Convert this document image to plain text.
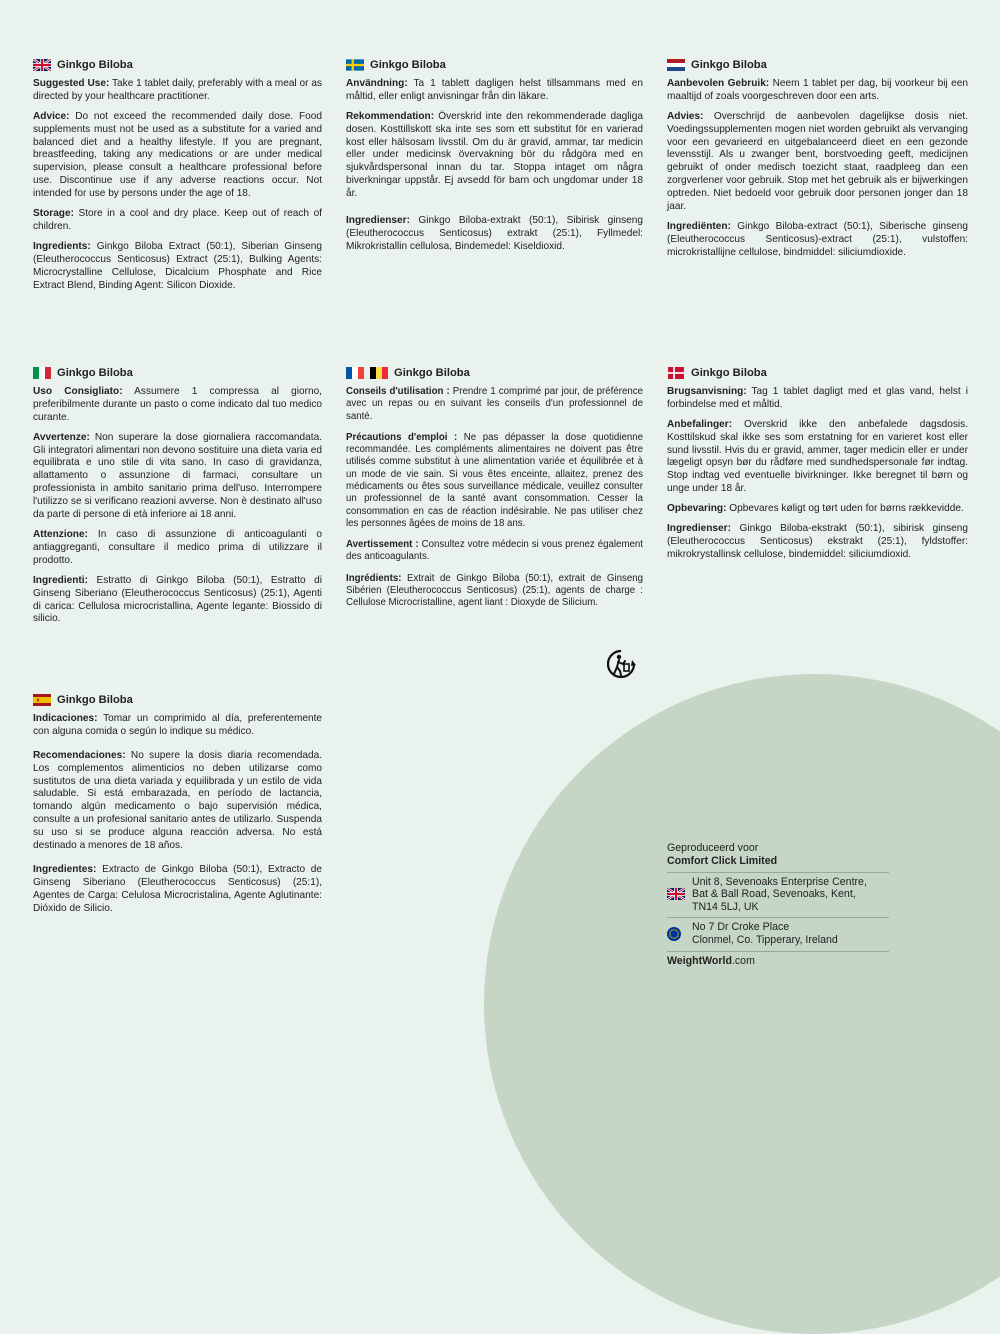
Ginkgo Biloba

Suggested Use: Take 1 tablet daily, preferably with a meal or as directed by your healthcare practitioner.

Advice: Do not exceed the recommended daily dose. Food supplements must not be used as a substitute for a varied and balanced diet and a healthy lifestyle. If you are pregnant, breastfeeding, taking any medications or are under medical supervision, please consult a healthcare professional before use. Discontinue use if any adverse reactions occur. Not intended for use by persons under the age of 18.

Storage: Store in a cool and dry place. Keep out of reach of children.

Ingredients: Ginkgo Biloba Extract (50:1), Siberian Ginseng (Eleutherococcus Senticosus) Extract (25:1), Bulking Agents: Microcrystalline Cellulose, Dicalcium Phosphate and Rice Extract Blend, Binding Agent: Silicon Dioxide.

Ginkgo Biloba

Användning: Ta 1 tablett dagligen helst tillsammans med en måltid, eller enligt anvisningar från din läkare.

Rekommendation: Överskrid inte den rekommenderade dagliga dosen. Kosttillskott ska inte ses som ett substitut för en varierad kost eller hälsosam livsstil. Om du är gravid, ammar, tar medicin eller under medicinsk övervakning bör du rådgöra med en sjukvårdspersonal innan du tar. Stoppa intaget om några biverkningar uppstår. Ej avsedd för barn och ungdomar under 18 år.

Ingredienser: Ginkgo Biloba-extrakt (50:1), Sibirisk ginseng (Eleutherococcus Senticosus) extrakt (25:1), Fyllmedel: Mikrokristallin cellulosa, Bindemedel: Kiseldioxid.

Ginkgo Biloba

Aanbevolen Gebruik: Neem 1 tablet per dag, bij voorkeur bij een maaltijd of zoals voorgeschreven door een arts.

Advies: Overschrijd de aanbevolen dagelijkse dosis niet. Voedingssupplementen mogen niet worden gebruikt als vervanging voor een gevarieerd en uitgebalanceerd dieet en een gezonde levensstijl. Als u zwanger bent, borstvoeding geeft, medicijnen gebruikt of onder medisch toezicht staat, raadpleeg dan een zorgverlener voor gebruik. Stop met het gebruik als er bijwerkingen optreden. Niet bedoeld voor gebruik door personen jonger dan 18 jaar.

Ingrediënten: Ginkgo Biloba-extract (50:1), Siberische ginseng (Eleutherococcus Senticosus)-extract (25:1), vulstoffen: microkristallijne cellulose, bindmiddel: siliciumdioxide.

Ginkgo Biloba

Uso Consigliato: Assumere 1 compressa al giorno, preferibilmente durante un pasto o come indicato dal tuo medico curante.

Avvertenze: Non superare la dose giornaliera raccomandata. Gli integratori alimentari non devono sostituire una dieta varia ed equilibrata e uno stile di vita sano. In caso di gravidanza, allattamento o assunzione di farmaci, consultare un professionista in ambito sanitario prima dell'uso. Interrompere l'utilizzo se si verificano reazioni avverse. Non è destinato all'uso da parte di persone di età inferiore ai 18 anni.

Attenzione: In caso di assunzione di anticoagulanti o antiaggreganti, consultare il medico prima di utilizzare il prodotto.

Ingredienti: Estratto di Ginkgo Biloba (50:1), Estratto di Ginseng Siberiano (Eleutherococcus Senticosus) (25:1), Agenti di carica: Cellulosa microcristallina, Agente legante: Biossido di silicio.

Ginkgo Biloba

Conseils d'utilisation : Prendre 1 comprimé par jour, de préférence avec un repas ou en suivant les conseils d'un professionnel de santé.

Précautions d'emploi : Ne pas dépasser la dose quotidienne recommandée. Les compléments alimentaires ne doivent pas être utilisés comme substitut à une alimentation variée et équilibrée et à un mode de vie sain. Si vous êtes enceinte, allaitez, prenez des médicaments ou êtes sous surveillance médicale, veuillez consulter un professionnel de la santé avant consommation. Cesser la consommation en cas de réaction indésirable. Ne pas utiliser chez les personnes âgées de moins de 18 ans.

Avertissement : Consultez votre médecin si vous prenez également des anticoagulants.

Ingrédients: Extrait de Ginkgo Biloba (50:1), extrait de Ginseng Sibérien (Eleutherococcus Senticosus) (25:1), agents de charge : Cellulose Microcristalline, agent liant : Dioxyde de Silicium.

Ginkgo Biloba

Brugsanvisning: Tag 1 tablet dagligt med et glas vand, helst i forbindelse med et måltid.

Anbefalinger: Overskrid ikke den anbefalede dagsdosis. Kosttilskud skal ikke ses som erstatning for en varieret kost eller sund livsstil. Hvis du er gravid, ammer, tager medicin eller er under lægeligt opsyn bør du rådføre med sundhedspersonale før indtag. Stop indtag ved eventuelle bivirkninger. Ikke beregnet til børn og unge under 18 år.

Opbevaring: Opbevares køligt og tørt uden for børns rækkevidde.

Ingredienser: Ginkgo Biloba-ekstrakt (50:1), sibirisk ginseng (Eleutherococcus Senticosus) ekstrakt (25:1), fyldstoffer: mikrokrystallinsk cellulose, bindemiddel: siliciumdioxid.

Ginkgo Biloba

Indicaciones: Tomar un comprimido al día, preferentemente con alguna comida o según lo indique su médico.

Recomendaciones: No supere la dosis diaria recomendada. Los complementos alimenticios no deben utilizarse como sustitutos de una dieta variada y equilibrada y un estilo de vida saludable. Si está embarazada, en período de lactancia, tomando algún medicamento o bajo supervisión médica, consulte a un profesional sanitario antes de utilizarlo. Suspenda su uso si se produce alguna reacción adversa. No está destinado a menores de 18 años.

Ingredientes: Extracto de Ginkgo Biloba (50:1), Extracto de Ginseng Siberiano (Eleutherococcus Senticosus) (25:1), Agentes de Carga: Celulosa Microcristalina, Agente Aglutinante: Dióxido de Silicio.

Geproduceerd voor
Comfort Click Limited
Unit 8, Sevenoaks Enterprise Centre,
Bat & Ball Road, Sevenoaks, Kent,
TN14 5LJ, UK
No 7 Dr Croke Place
Clonmel, Co. Tipperary, Ireland
WeightWorld.com
